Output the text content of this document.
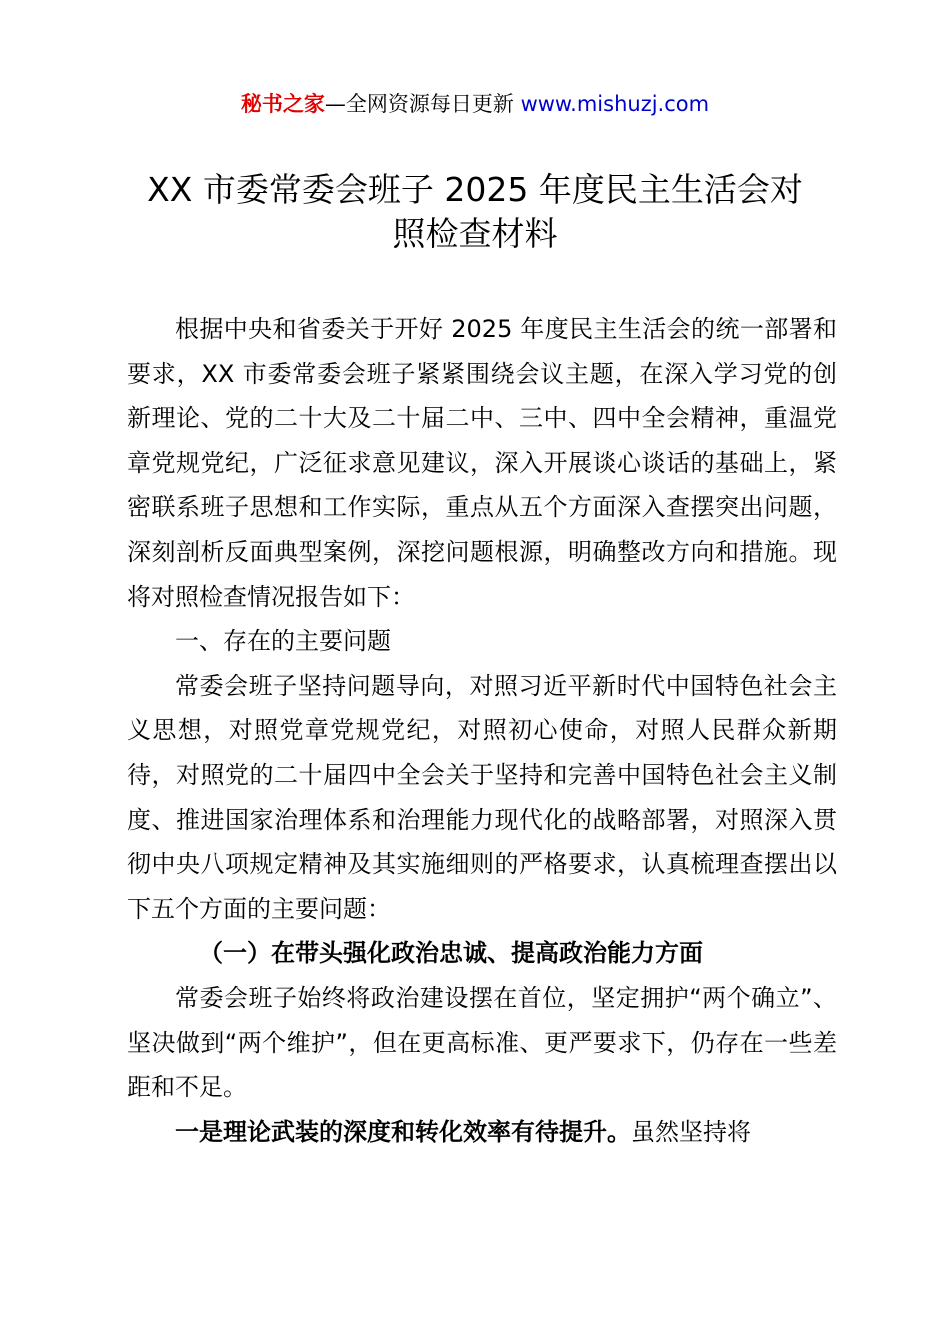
秘书之家—全网资源每日更新 www.mishuzj.com
XX 市委常委会班子 2025 年度民主生活会对
照检查材料

根据中央和省委关于开好 2025 年度民主生活会的统一部署和要求，XX 市委常委会班子紧紧围绕会议主题，在深入学习党的创新理论、党的二十大及二十届二中、三中、四中全会精神，重温党章党规党纪，广泛征求意见建议，深入开展谈心谈话的基础上，紧密联系班子思想和工作实际，重点从五个方面深入查摆突出问题，深刻剖析反面典型案例，深挖问题根源，明确整改方向和措施。现将对照检查情况报告如下：

一、存在的主要问题

常委会班子坚持问题导向，对照习近平新时代中国特色社会主义思想，对照党章党规党纪，对照初心使命，对照人民群众新期待，对照党的二十届四中全会关于坚持和完善中国特色社会主义制度、推进国家治理体系和治理能力现代化的战略部署，对照深入贯彻中央八项规定精神及其实施细则的严格要求，认真梳理查摆出以下五个方面的主要问题：

（一）在带头强化政治忠诚、提高政治能力方面

常委会班子始终将政治建设摆在首位，坚定拥护“两个确立”、坚决做到“两个维护”，但在更高标准、更严要求下，仍存在一些差距和不足。

一是理论武装的深度和转化效率有待提升。虽然坚持将
